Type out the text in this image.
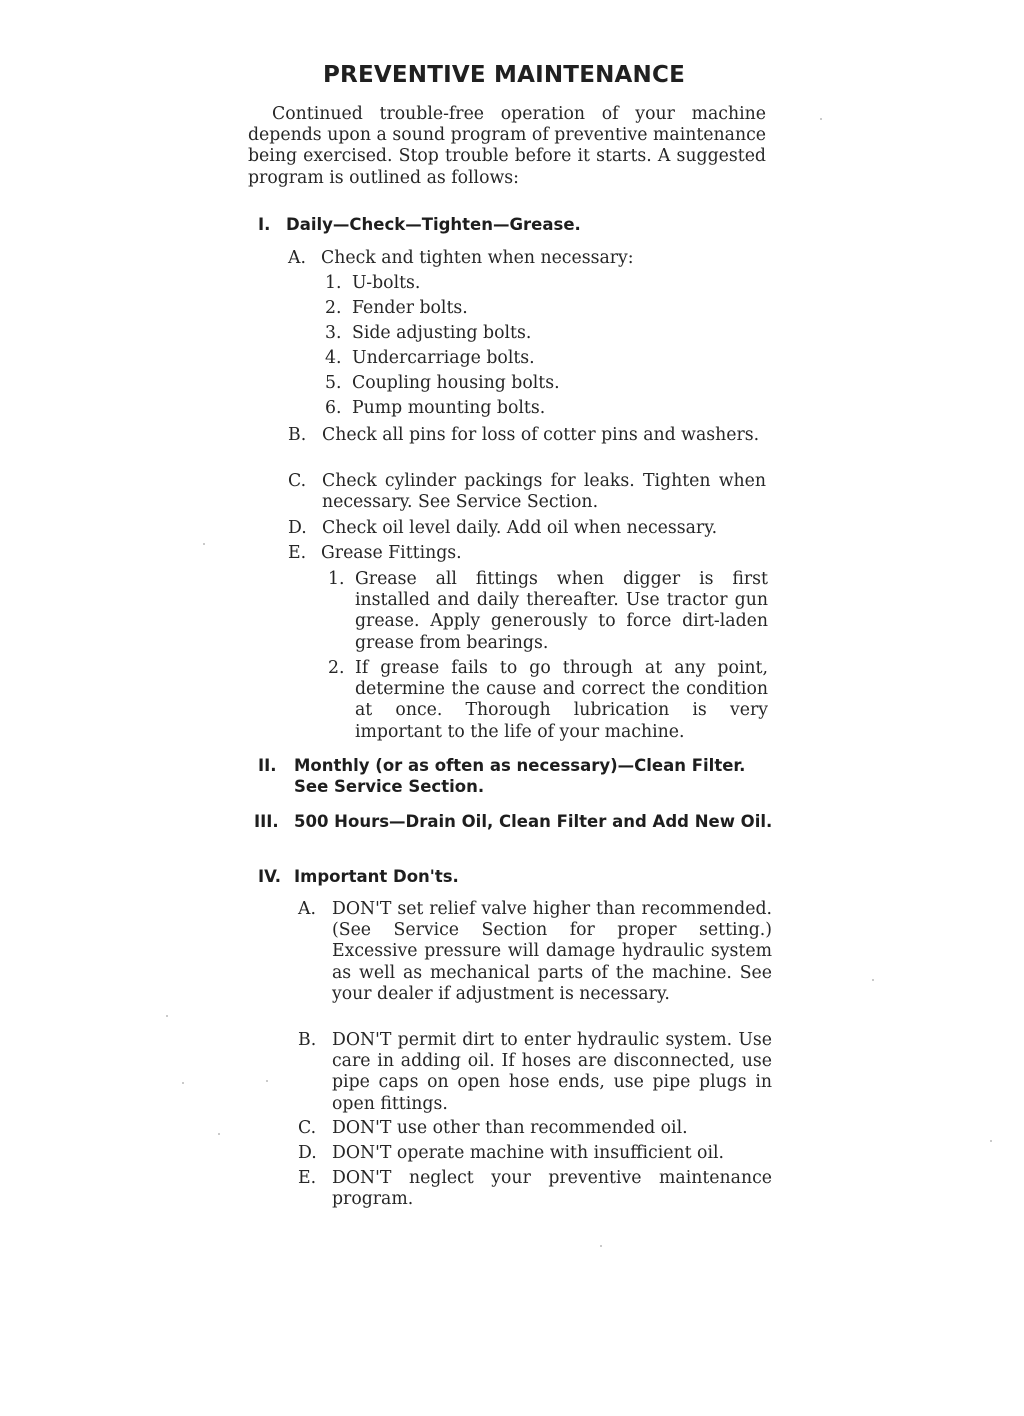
PREVENTIVE MAINTENANCE
Continued trouble-free operation of your machine depends upon a sound program of preventive maintenance being exercised. Stop trouble before it starts. A suggested program is outlined as follows:
I. Daily—Check—Tighten—Grease.
A. Check and tighten when necessary:
1. U-bolts.
2. Fender bolts.
3. Side adjusting bolts.
4. Undercarriage bolts.
5. Coupling housing bolts.
6. Pump mounting bolts.
B. Check all pins for loss of cotter pins and washers.
C. Check cylinder packings for leaks. Tighten when necessary. See Service Section.
D. Check oil level daily. Add oil when necessary.
E. Grease Fittings.
1. Grease all fittings when digger is first installed and daily thereafter. Use tractor gun grease. Apply generously to force dirt-laden grease from bearings.
2. If grease fails to go through at any point, determine the cause and correct the condition at once. Thorough lubrication is very important to the life of your machine.
II. Monthly (or as often as necessary)—Clean Filter. See Service Section.
III. 500 Hours—Drain Oil, Clean Filter and Add New Oil.
IV. Important Don'ts.
A. DON'T set relief valve higher than recommended. (See Service Section for proper setting.) Excessive pressure will damage hydraulic system as well as mechanical parts of the machine. See your dealer if adjustment is necessary.
B. DON'T permit dirt to enter hydraulic system. Use care in adding oil. If hoses are disconnected, use pipe caps on open hose ends, use pipe plugs in open fittings.
C. DON'T use other than recommended oil.
D. DON'T operate machine with insufficient oil.
E. DON'T neglect your preventive maintenance program.
